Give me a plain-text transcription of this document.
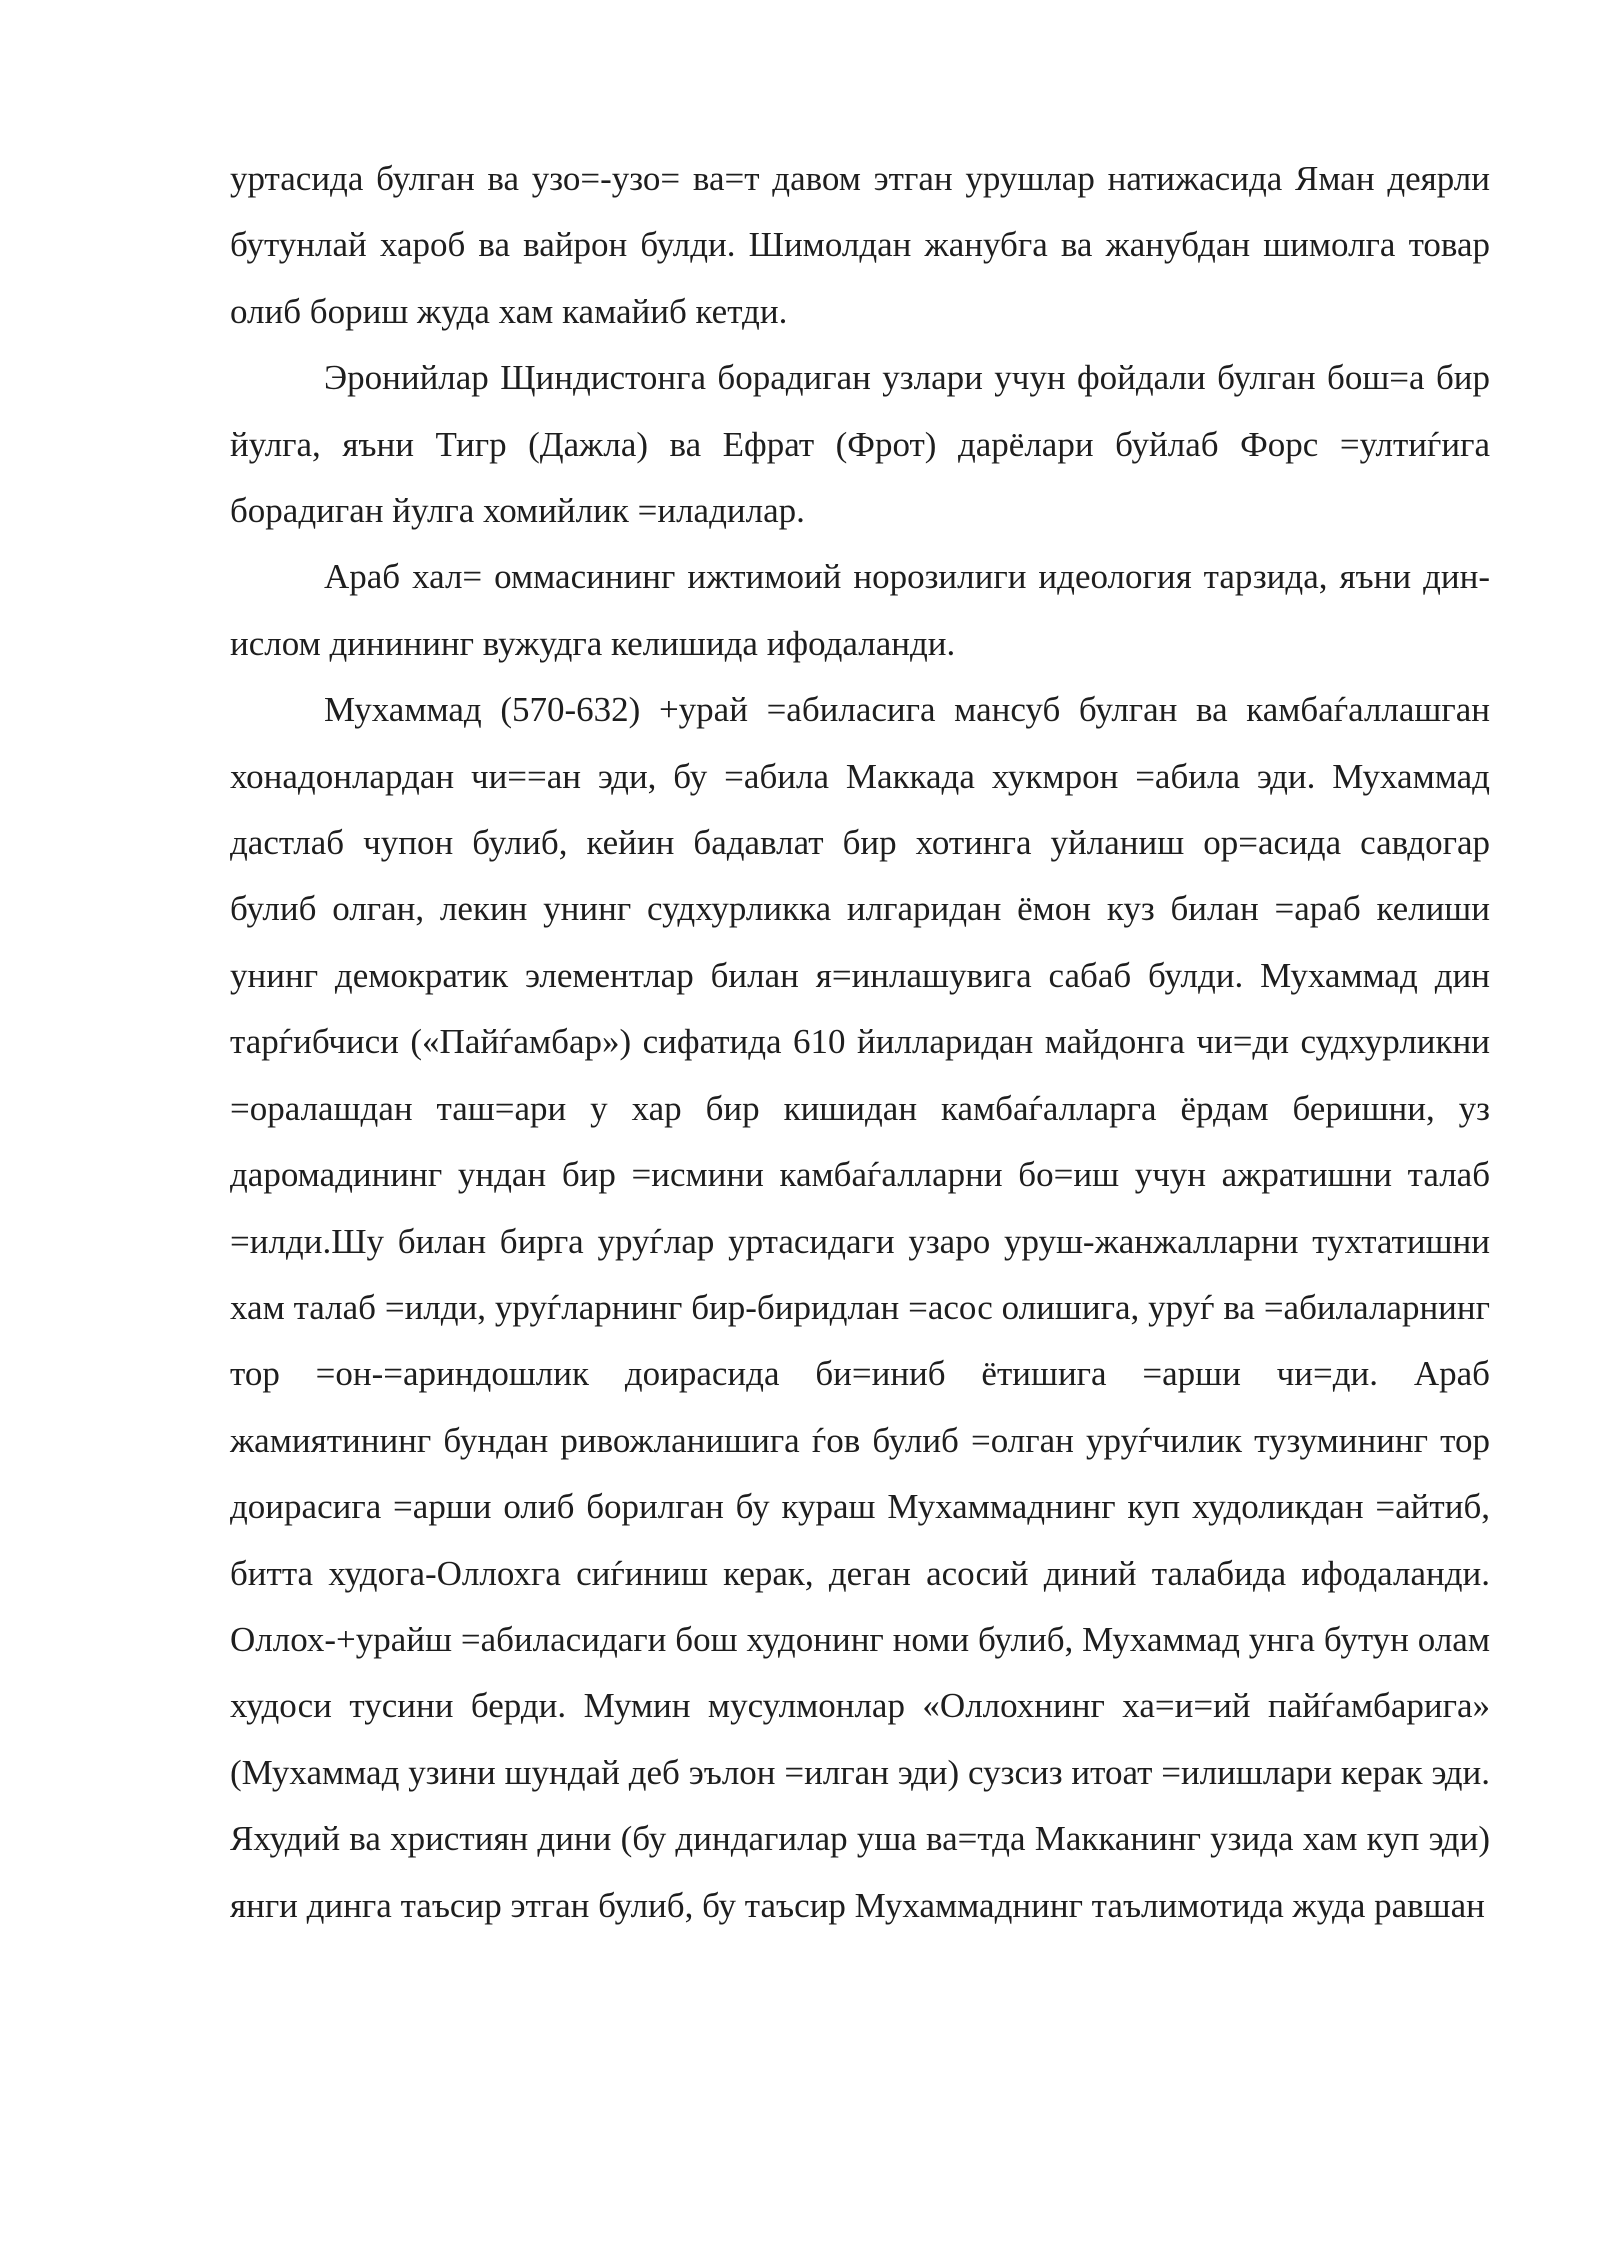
уртасида булган ва узо=-узо= ва=т давом этган урушлар натижасида Яман деярли бутунлай хароб ва вайрон булди. Шимолдан жанубга ва жанубдан шимолга товар олиб бориш жуда хам камайиб кетди.

Эронийлар Щиндистонга борадиган узлари учун фойдали булган бош=а бир йулга, яъни Тигр (Дажла) ва Ефрат (Фрот) дарёлари буйлаб Форс =ултиѓига борадиган йулга хомийлик =иладилар.

Араб хал= оммасининг ижтимоий норозилиги идеология тарзида, яъни дин-ислом динининг вужудга келишида ифодаланди.

Мухаммад (570-632) +урай =абиласига мансуб булган ва камбаѓаллашган хонадонлардан чи==ан эди, бу =абила Маккада хукмрон =абила эди. Мухаммад дастлаб чупон булиб, кейин бадавлат бир хотинга уйланиш ор=асида савдогар булиб олган, лекин унинг судхурликка илгаридан ёмон куз билан =араб келиши унинг демократик элементлар билан я=инлашувига сабаб булди. Мухаммад дин тарѓибчиси («Пайѓамбар») сифатида 610 йилларидан майдонга чи=ди судхурликни =оралашдан таш=ари у хар бир кишидан камбаѓалларга ёрдам беришни, уз даромадининг ундан бир =исмини камбаѓалларни бо=иш учун ажратишни талаб =илди.Шу билан бирга уруѓлар уртасидаги узаро уруш-жанжалларни тухтатишни хам талаб =илди, уруѓларнинг бир-биридлан =асос олишига, уруѓ ва =абилаларнинг тор =он-=ариндошлик доирасида би=иниб ётишига =арши чи=ди. Араб жамиятининг бундан ривожланишига ѓов булиб =олган уруѓчилик тузумининг тор доирасига =арши олиб борилган бу кураш Мухаммаднинг куп худоликдан =айтиб, битта худога-Оллохга сиѓиниш керак, деган асосий диний талабида ифодаланди. Оллох-+урайш =абиласидаги бош худонинг номи булиб, Мухаммад унга бутун олам худоси тусини берди. Мумин мусулмонлар «Оллохнинг ха=и=ий пайѓамбарига» (Мухаммад узини шундай деб эълон =илган эди) сузсиз итоат =илишлари керак эди. Яхудий ва християн дини (бу диндагилар уша ва=тда Макканинг узида хам куп эди) янги динга таъсир этган булиб, бу таъсир Мухаммаднинг таълимотида жуда равшан
